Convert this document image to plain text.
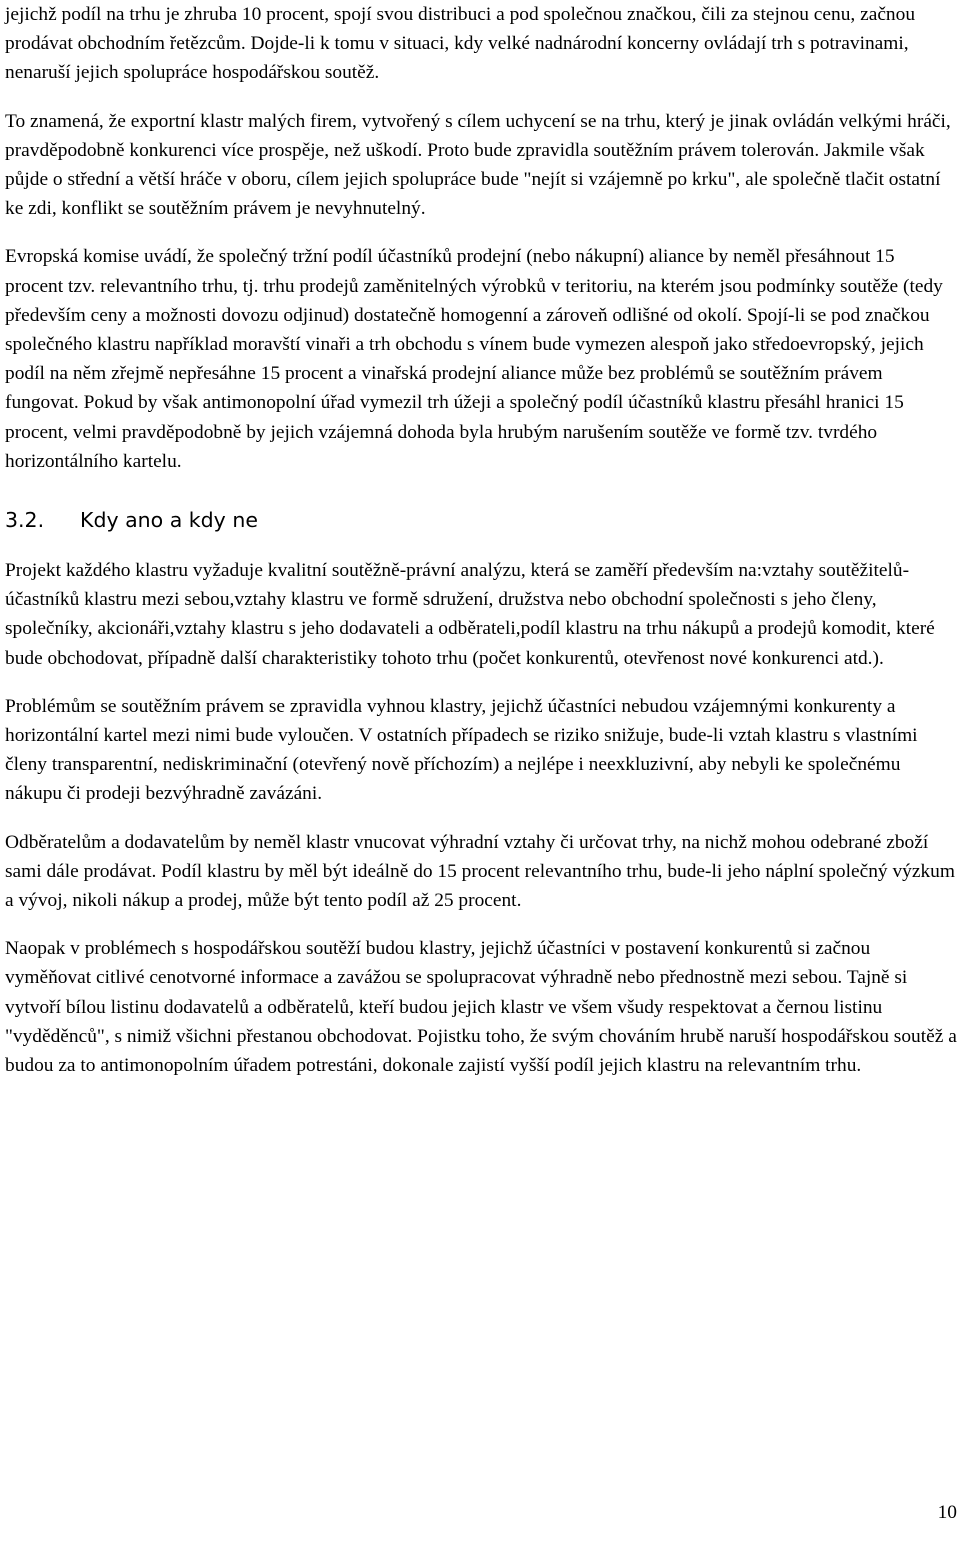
jejichž podíl na trhu je zhruba 10 procent, spojí svou distribuci a pod společnou značkou, čili za stejnou cenu, začnou prodávat obchodním řetězcům. Dojde-li k tomu v situaci, kdy velké nadnárodní koncerny ovládají trh s potravinami, nenaruší jejich spolupráce hospodářskou soutěž.

To znamená, že exportní klastr malých firem, vytvořený s cílem uchycení se na trhu, který je jinak ovládán velkými hráči, pravděpodobně konkurenci více prospěje, než uškodí. Proto bude zpravidla soutěžním právem tolerován. Jakmile však půjde o střední a větší hráče v oboru, cílem jejich spolupráce bude "nejít si vzájemně po krku", ale společně tlačit ostatní ke zdi, konflikt se soutěžním právem je nevyhnutelný.

Evropská komise uvádí, že společný tržní podíl účastníků prodejní (nebo nákupní) aliance by neměl přesáhnout 15 procent tzv. relevantního trhu, tj. trhu prodejů zaměnitelných výrobků v teritoriu, na kterém jsou podmínky soutěže (tedy především ceny a možnosti dovozu odjinud) dostatečně homogenní a zároveň odlišné od okolí. Spojí-li se pod značkou společného klastru například moravští vinaři a trh obchodu s vínem bude vymezen alespoň jako středoevropský, jejich podíl na něm zřejmě nepřesáhne 15 procent a vinařská prodejní aliance může bez problémů se soutěžním právem fungovat. Pokud by však antimonopolní úřad vymezil trh úžeji a společný podíl účastníků klastru přesáhl hranici 15 procent, velmi pravděpodobně by jejich vzájemná dohoda byla hrubým narušením soutěže ve formě tzv. tvrdého horizontálního kartelu.

3.2. Kdy ano a kdy ne

Projekt každého klastru vyžaduje kvalitní soutěžně-právní analýzu, která se zaměří především na:vztahy soutěžitelů-účastníků klastru mezi sebou,vztahy klastru ve formě sdružení, družstva nebo obchodní společnosti s jeho členy, společníky, akcionáři,vztahy klastru s jeho dodavateli a odběrateli,podíl klastru na trhu nákupů a prodejů komodit, které bude obchodovat, případně další charakteristiky tohoto trhu (počet konkurentů, otevřenost nové konkurenci atd.).

Problémům se soutěžním právem se zpravidla vyhnou klastry, jejichž účastníci nebudou vzájemnými konkurenty a horizontální kartel mezi nimi bude vyloučen. V ostatních případech se riziko snižuje, bude-li vztah klastru s vlastními členy transparentní, nediskriminační (otevřený nově příchozím) a nejlépe i neexkluzivní, aby nebyli ke společnému nákupu či prodeji bezvýhradně zavázáni.

Odběratelům a dodavatelům by neměl klastr vnucovat výhradní vztahy či určovat trhy, na nichž mohou odebrané zboží sami dále prodávat. Podíl klastru by měl být ideálně do 15 procent relevantního trhu, bude-li jeho náplní společný výzkum a vývoj, nikoli nákup a prodej, může být tento podíl až 25 procent.

Naopak v problémech s hospodářskou soutěží budou klastry, jejichž účastníci v postavení konkurentů si začnou vyměňovat citlivé cenotvorné informace a zavážou se spolupracovat výhradně nebo přednostně mezi sebou. Tajně si vytvoří bílou listinu dodavatelů a odběratelů, kteří budou jejich klastr ve všem všudy respektovat a černou listinu "vyděděnců", s nimiž všichni přestanou obchodovat. Pojistku toho, že svým chováním hrubě naruší hospodářskou soutěž a budou za to antimonopolním úřadem potrestáni, dokonale zajistí vyšší podíl jejich klastru na relevantním trhu.

10
